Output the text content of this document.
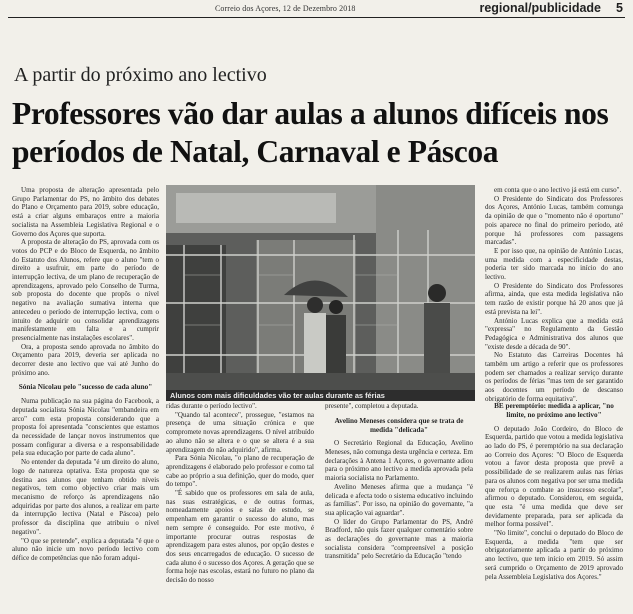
Correio dos Açores, 12 de Dezembro 2018	regional/publicidade 5
A partir do próximo ano lectivo
Professores vão dar aulas a alunos difíceis nos períodos de Natal, Carnaval e Páscoa

Uma proposta de alteração apresentada pelo Grupo Parlamentar do PS, no âmbito dos debates do Plano e Orçamento para 2019, sobre educação, está a criar alguns embaraços entre a maioria socialista na Assembleia Legislativa Regional e o Governo dos Açores que suporta.

A proposta de alteração do PS, aprovada com os votos do PCP e do Bloco de Esquerda, no âmbito do Estatuto dos Alunos, refere que o aluno "tem o direito a usufruir, em parte do período de interrupção lectiva, de um plano de recuperação de aprendizagens, aprovado pelo Conselho de Turma, sob proposta do docente que propôs o nível negativo na avaliação sumativa interna que antecedeu o período de interrupção lectiva, com o intuito de adquirir ou consolidar aprendizagens manifestamente em falta e a cumprir presencialmente nas instalações escolares".

Ora, a proposta sendo aprovada no âmbito do Orçamento para 2019, deveria ser aplicada no decorrer deste ano lectivo que vai até Junho do próximo ano.

Sónia Nicolau pelo "sucesso de cada aluno"

Numa publicação na sua página do Facebook, a deputada socialista Sónia Nicolau "embandeira em arco" com esta proposta considerando que a proposta foi apresentada "conscientes que estamos da necessidade de lançar novos instrumentos que possam configurar a diversa e a responsabilidade pela sua educação por parte de cada aluno".

No entender da deputada "é um direito do aluno, logo de natureza optativa. Esta proposta que se destina aos alunos que tenham obtido níveis negativos, tem como objectivo criar mais um mecanismo de reforço às aprendizagens não adquiridas por parte dos alunos, a realizar em parte da interrupção lectiva (Natal e Páscoa) pelo professor da disciplina que atribuiu o nível negativo".

"O que se pretende", explica a deputada "é que o aluno não inicie um novo período lectivo com défice de competências que não foram adqui-

Alunos com mais dificuldades vão ter aulas durante as férias

em conta que o ano lectivo já está em curso".

O Presidente do Sindicato dos Professores dos Açores, António Lucas, também comunga da opinião de que o "momento não é oportuno" pois aparece no final do primeiro período, até porque há professores com passagens marcadas".

E por isso que, na opinião de António Lucas, uma medida com a especificidade destas, poderia ter sido marcada no início do ano lectivo.

O Presidente do Sindicato dos Professores afirma, ainda, que esta medida legislativa não tem razão de existir porque há 20 anos que já está prevista na lei".

António Lucas explica que a medida está "expressa" no Regulamento da Gestão Pedagógica e Administrativa dos alunos que "existe desde a década de 90".

No Estatuto das Carreiras Docentes há também um artigo a referir que os professores podem ser chamados a realizar serviço durante os períodos de férias "mas tem de ser garantido aos docentes um período de descanso obrigatório de forma equitativa".

ridas durante o período lectivo".

"Quando tal acontece", prossegue, "estamos na presença de uma situação crónica e que compromete novas aprendizagens. O nível atribuído ao aluno não se altera e o que se altera é a sua aprendizagem do não adquirido", afirma.

Para Sónia Nicolau, "o plano de recuperação de aprendizagens é elaborado pelo professor e como tal cabe ao próprio a sua definição, quer do modo, quer do tempo".

"É sabido que os professores em sala de aula, nas suas estratégicas, e de outras formas, nomeadamente apoios e salas de estudo, se empenham em garantir o sucesso do aluno, mas nem sempre é conseguido. Por este motivo, é importante procurar outras respostas de aprendizagem para estes alunos, por opção destes e dos seus encarregados de educação. O sucesso de cada aluno é o sucesso dos Açores. A geração que se forma hoje nas escolas, estará no futuro no plano da decisão do nosso

presente", completou a deputada.

Avelino Meneses considera que se trata de medida "delicada"

O Secretário Regional da Educação, Avelino Meneses, não comunga desta urgência e certeza. Em declarações à Antena 1 Açores, o governante adiou para o próximo ano lectivo a medida aprovada pela maioria socialista no Parlamento.

Avelino Meneses afirma que a mudança "é delicada e afecta todo o sistema educativo incluindo as famílias". Por isso, na opinião do governante, "a sua aplicação vai aguardar".

O líder do Grupo Parlamentar do PS, André Bradford, não quis fazer qualquer comentário sobre as declarações do governante mas a maioria socialista considera "compreensível a posição transmitida" pelo Secretário da Educação "tendo

BE peremptório: medida a aplicar, "no limite, no próximo ano lectivo"

O deputado João Cordeiro, do Bloco de Esquerda, partido que votou a medida legislativa ao lado do PS, é peremptório na sua declaração ao Correio dos Açores: "O Bloco de Esquerda votou a favor desta proposta que prevê a possibilidade de se realizarem aulas nas férias para os alunos com negativa por ser uma medida que reforça o combate ao insucesso escolar", afirmou o deputado. Considerou, em seguida, que esta "é uma medida que deve ser devidamente preparada, para ser aplicada da melhor forma possível".

"No limite", conclui o deputado do Bloco de Esquerda, a medida "tem que ser obrigatoriamente aplicada a partir do próximo ano lectivo, que tem início em 2019. Só assim será cumprido o Orçamento de 2019 aprovado pela Assembleia Legislativa dos Açores."
